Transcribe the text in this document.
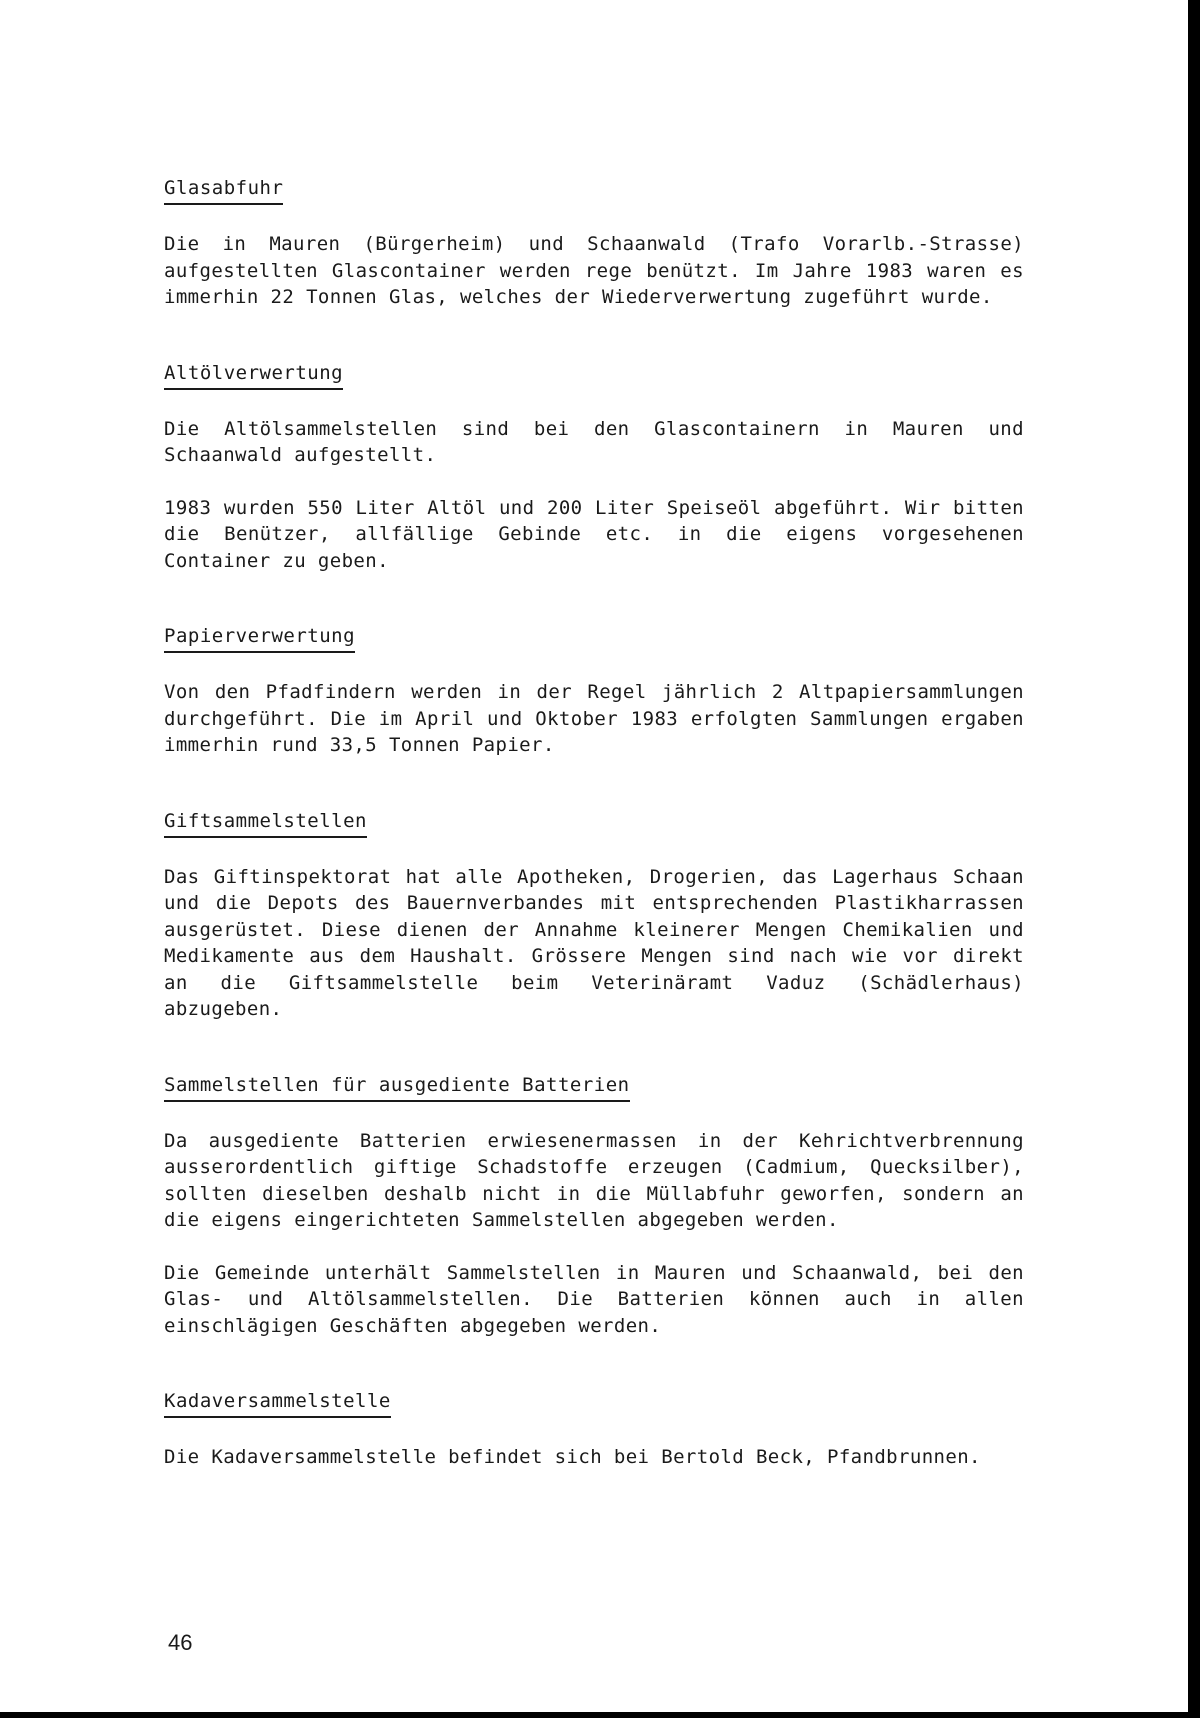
Glasabfuhr

Die in Mauren (Bürgerheim) und Schaanwald (Trafo Vorarlb.-Strasse) aufgestellten Glascontainer werden rege benützt. Im Jahre 1983 waren es immerhin 22 Tonnen Glas, welches der Wiederverwertung zugeführt wurde.

Altölverwertung

Die Altölsammelstellen sind bei den Glascontainern in Mauren und Schaanwald aufgestellt.

1983 wurden 550 Liter Altöl und 200 Liter Speiseöl abgeführt. Wir bitten die Benützer, allfällige Gebinde etc. in die eigens vorgesehenen Container zu geben.

Papierverwertung

Von den Pfadfindern werden in der Regel jährlich 2 Altpapiersammlungen durchgeführt. Die im April und Oktober 1983 erfolgten Sammlungen ergaben immerhin rund 33,5 Tonnen Papier.

Giftsammelstellen

Das Giftinspektorat hat alle Apotheken, Drogerien, das Lagerhaus Schaan und die Depots des Bauernverbandes mit entsprechenden Plastikharrassen ausgerüstet. Diese dienen der Annahme kleinerer Mengen Chemikalien und Medikamente aus dem Haushalt. Grössere Mengen sind nach wie vor direkt an die Giftsammelstelle beim Veterinäramt Vaduz (Schädlerhaus) abzugeben.

Sammelstellen für ausgediente Batterien

Da ausgediente Batterien erwiesenermassen in der Kehrichtverbrennung ausserordentlich giftige Schadstoffe erzeugen (Cadmium, Quecksilber), sollten dieselben deshalb nicht in die Müllabfuhr geworfen, sondern an die eigens eingerichteten Sammelstellen abgegeben werden.

Die Gemeinde unterhält Sammelstellen in Mauren und Schaanwald, bei den Glas- und Altölsammelstellen. Die Batterien können auch in allen einschlägigen Geschäften abgegeben werden.

Kadaversammelstelle

Die Kadaversammelstelle befindet sich bei Bertold Beck, Pfandbrunnen.

46
